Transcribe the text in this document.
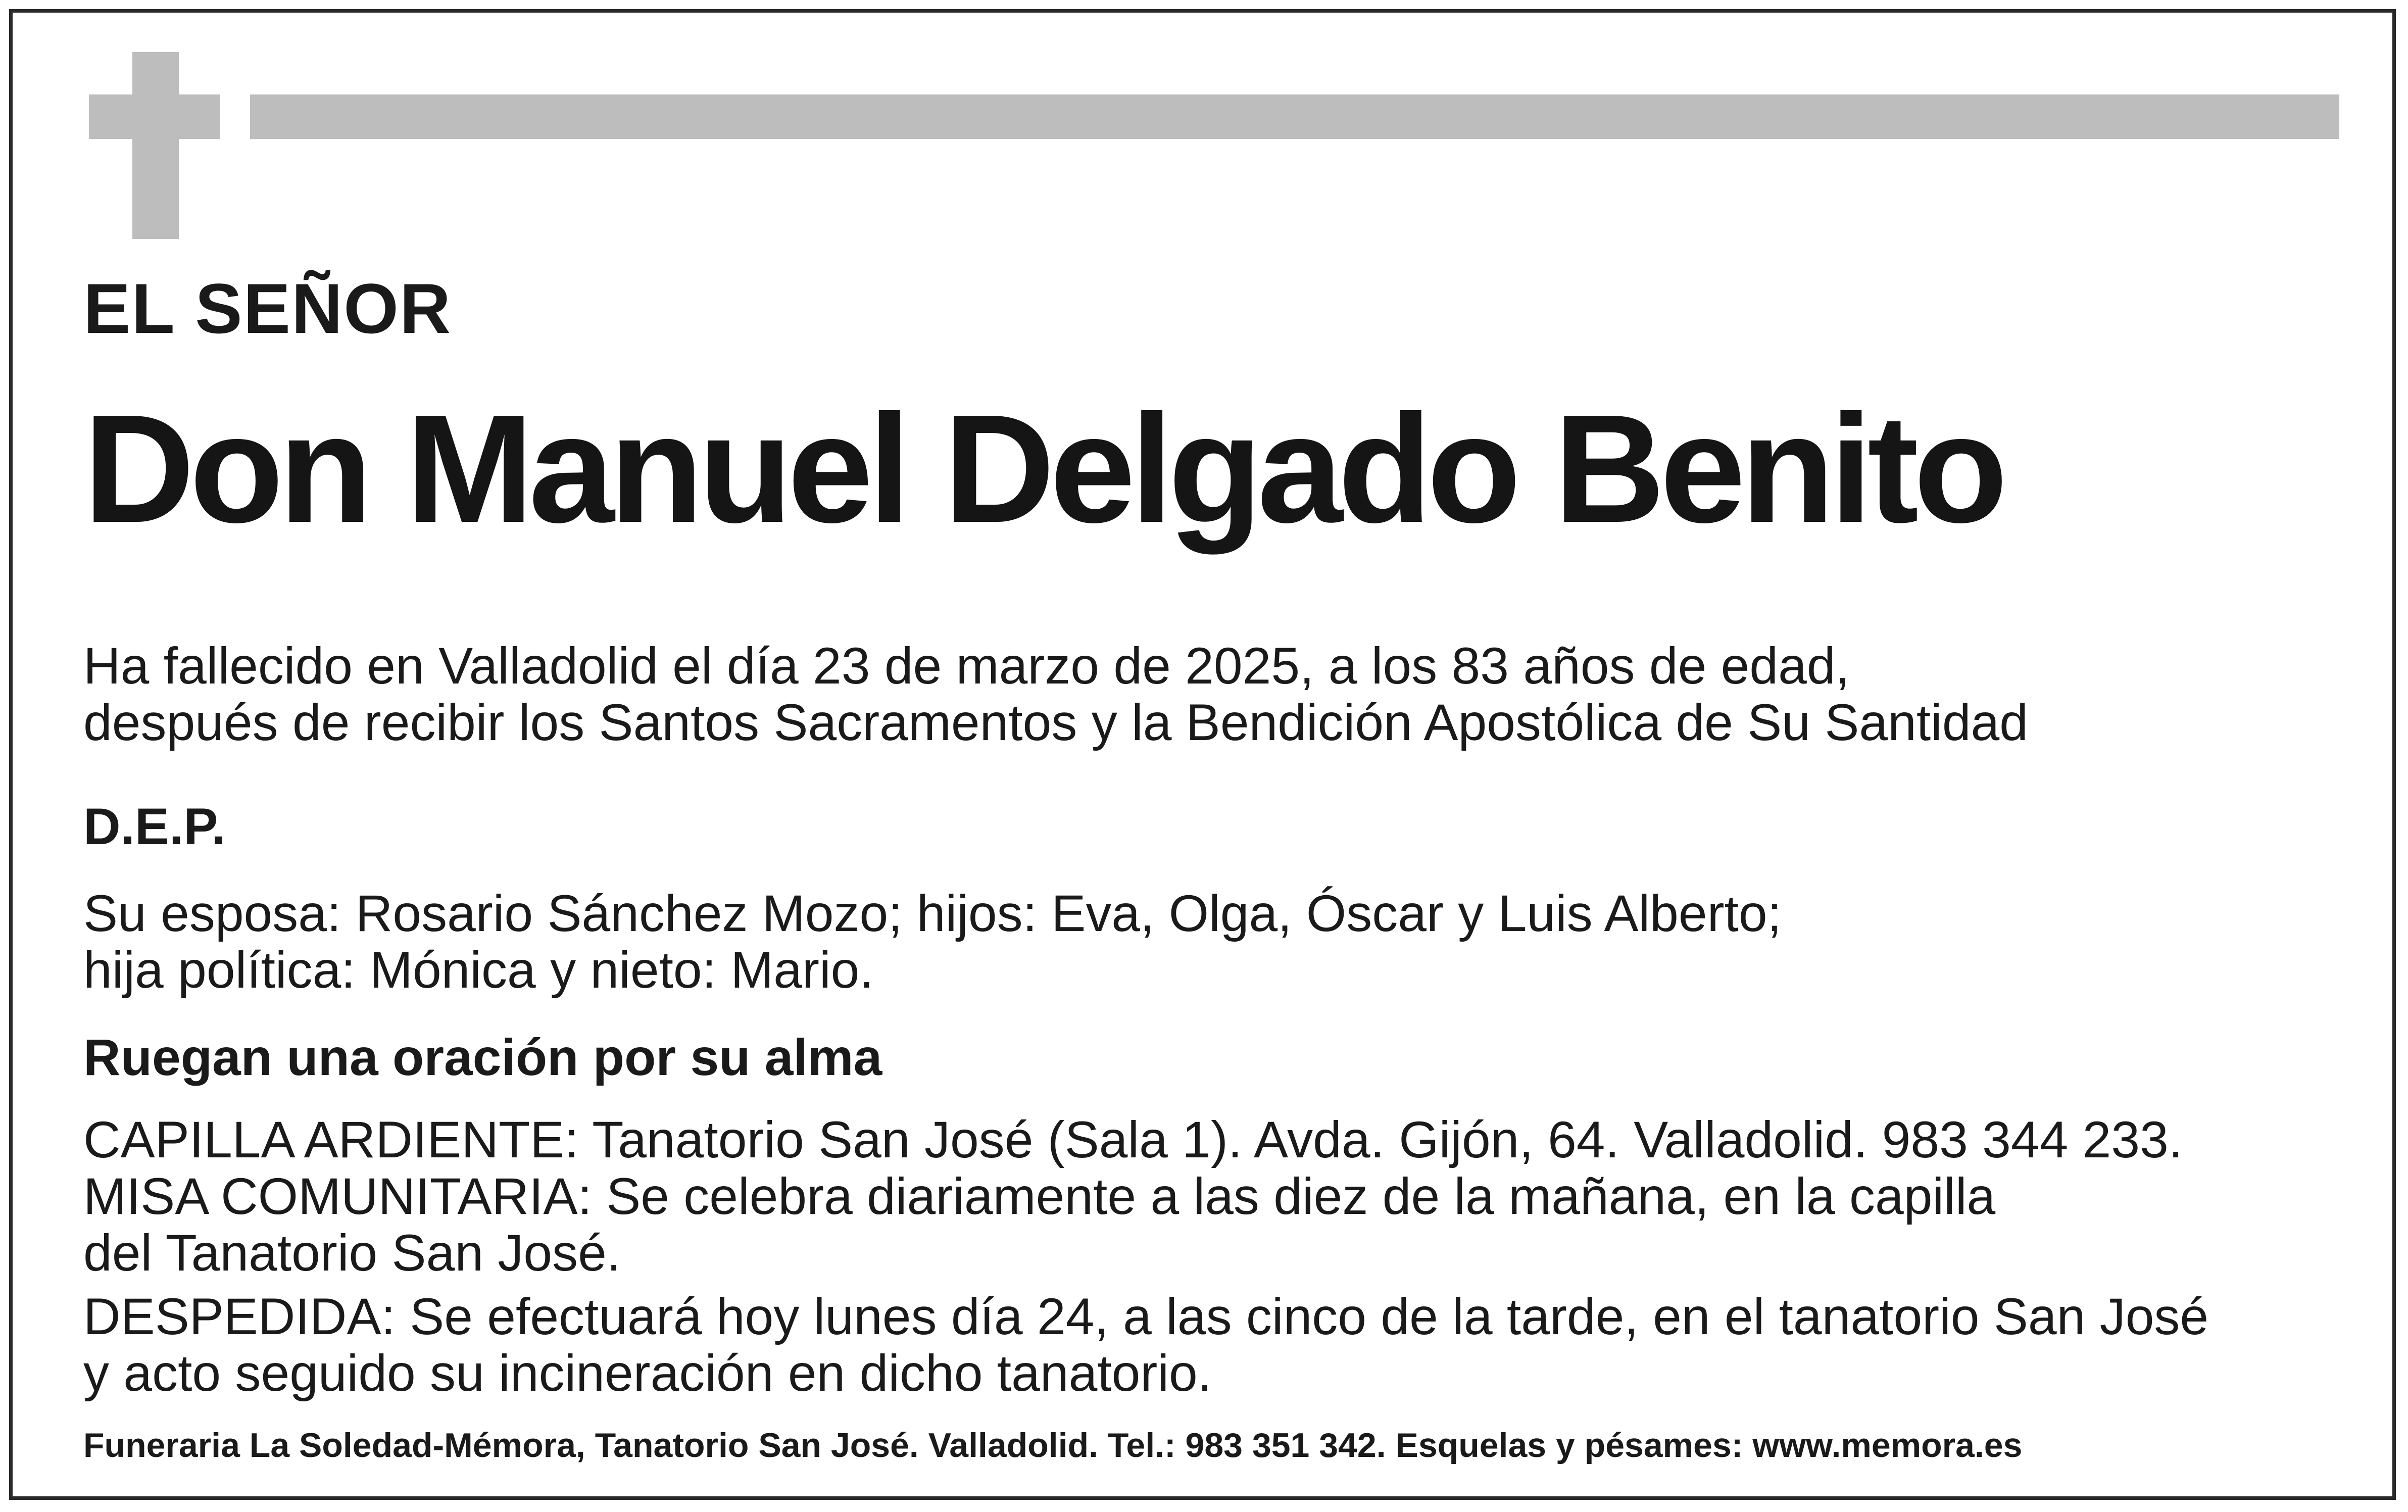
EL SEÑOR
Don Manuel Delgado Benito
Ha fallecido en Valladolid el día 23 de marzo de 2025, a los 83 años de edad,
después de recibir los Santos Sacramentos y la Bendición Apostólica de Su Santidad
D.E.P.
Su esposa: Rosario Sánchez Mozo; hijos: Eva, Olga, Óscar y Luis Alberto;
hija política: Mónica y nieto: Mario.
Ruegan una oración por su alma
CAPILLA ARDIENTE: Tanatorio San José (Sala 1). Avda. Gijón, 64. Valladolid. 983 344 233.
MISA COMUNITARIA: Se celebra diariamente a las diez de la mañana, en la capilla
del Tanatorio San José.
DESPEDIDA: Se efectuará hoy lunes día 24, a las cinco de la tarde, en el tanatorio San José
y acto seguido su incineración en dicho tanatorio.
Funeraria La Soledad-Mémora, Tanatorio San José. Valladolid. Tel.: 983 351 342. Esquelas y pésames: www.memora.es
